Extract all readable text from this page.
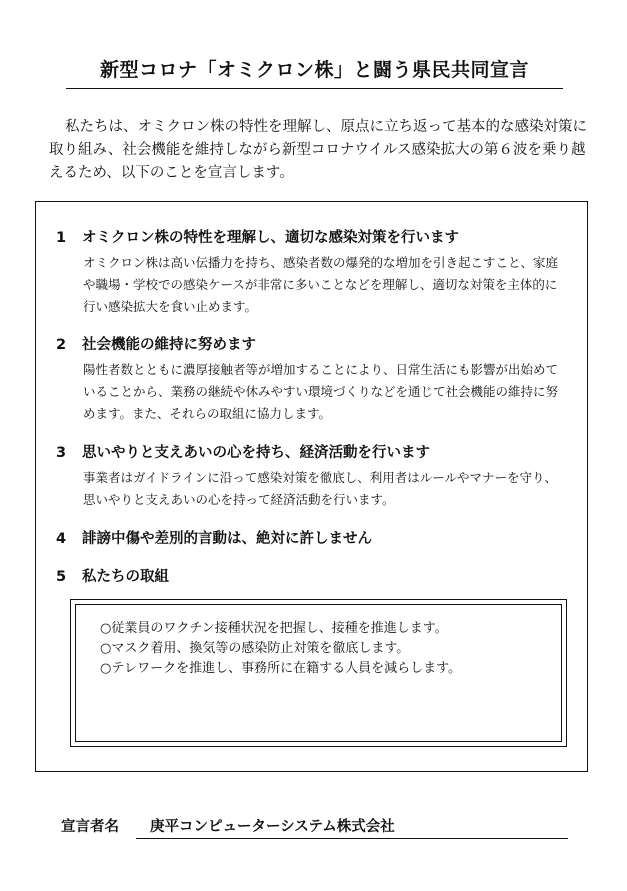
新型コロナ「オミクロン株」と闘う県民共同宣言

私たちは、オミクロン株の特性を理解し、原点に立ち返って基本的な感染対策に取り組み、社会機能を維持しながら新型コロナウイルス感染拡大の第６波を乗り越えるため、以下のことを宣言します。

1 オミクロン株の特性を理解し、適切な感染対策を行います
オミクロン株は高い伝播力を持ち、感染者数の爆発的な増加を引き起こすこと、家庭や職場・学校での感染ケースが非常に多いことなどを理解し、適切な対策を主体的に行い感染拡大を食い止めます。
2 社会機能の維持に努めます
陽性者数とともに濃厚接触者等が増加することにより、日常生活にも影響が出始めていることから、業務の継続や休みやすい環境づくりなどを通じて社会機能の維持に努めます。また、それらの取組に協力します。
3 思いやりと支えあいの心を持ち、経済活動を行います
事業者はガイドラインに沿って感染対策を徹底し、利用者はルールやマナーを守り、思いやりと支えあいの心を持って経済活動を行います。
4 誹謗中傷や差別的言動は、絶対に許しません
5 私たちの取組
○従業員のワクチン接種状況を把握し、接種を推進します。
○マスク着用、換気等の感染防止対策を徹底します。
○テレワークを推進し、事務所に在籍する人員を減らします。
宣言者名	庚平コンピューターシステム株式会社
